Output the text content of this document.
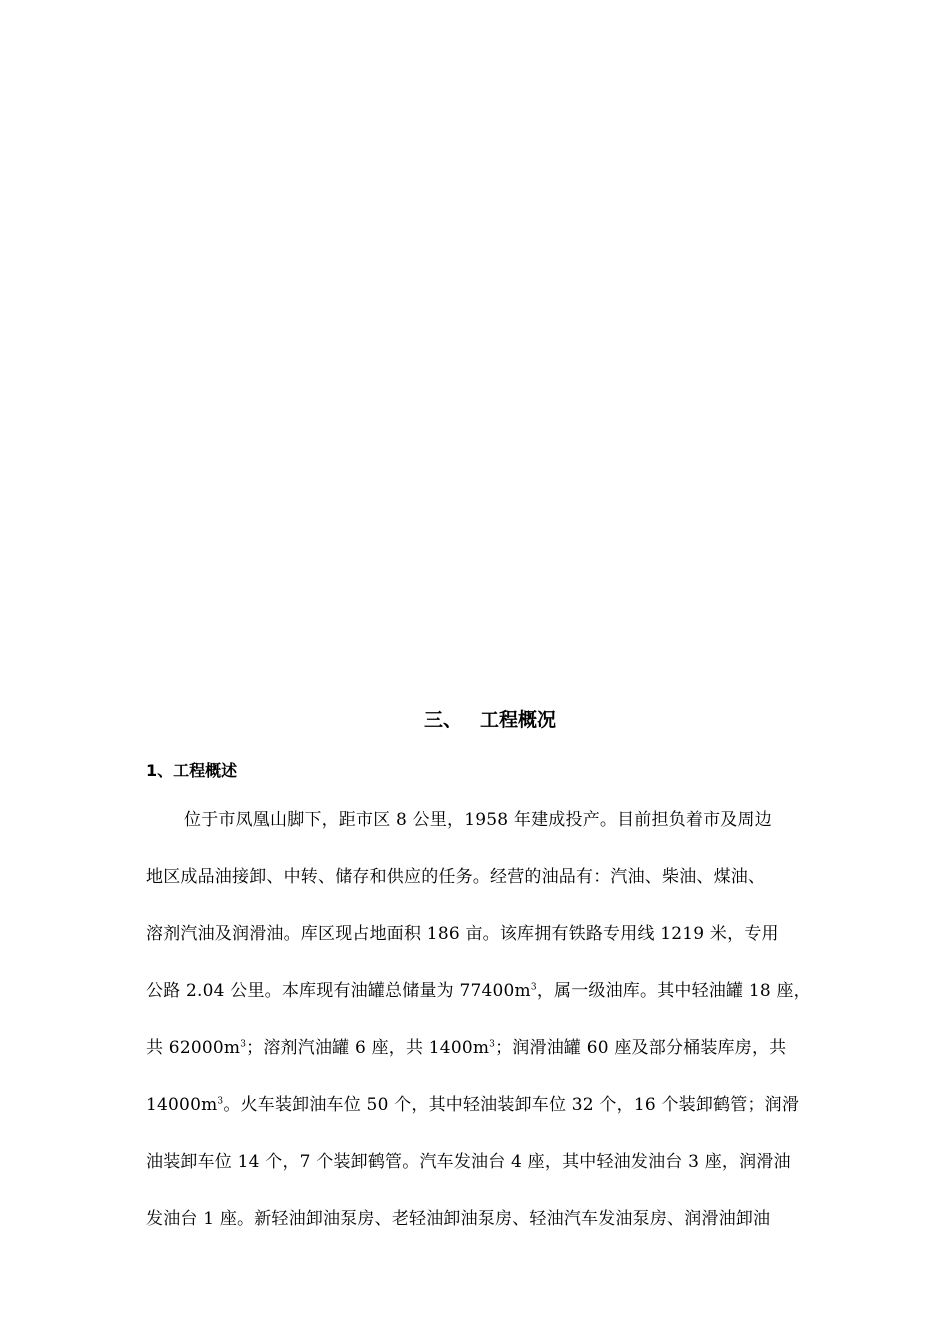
三、 工程概况
1、工程概述
位于市凤凰山脚下，距市区 8 公里，1958 年建成投产。目前担负着市及周边
地区成品油接卸、中转、储存和供应的任务。经营的油品有：汽油、柴油、煤油、
溶剂汽油及润滑油。库区现占地面积 186 亩。该库拥有铁路专用线 1219 米，专用
公路 2.04 公里。本库现有油罐总储量为 $77400m^3$，属一级油库。其中轻油罐 18 座，
共 $62000m^3$；溶剂汽油罐 6 座，共 $1400m^3$；润滑油罐 60 座及部分桶装库房，共
$14000m^3$。火车装卸油车位 50 个，其中轻油装卸车位 32 个，16 个装卸鹤管；润滑
油装卸车位 14 个，7 个装卸鹤管。汽车发油台 4 座，其中轻油发油台 3 座，润滑油
发油台 1 座。新轻油卸油泵房、老轻油卸油泵房、轻油汽车发油泵房、润滑油卸油
